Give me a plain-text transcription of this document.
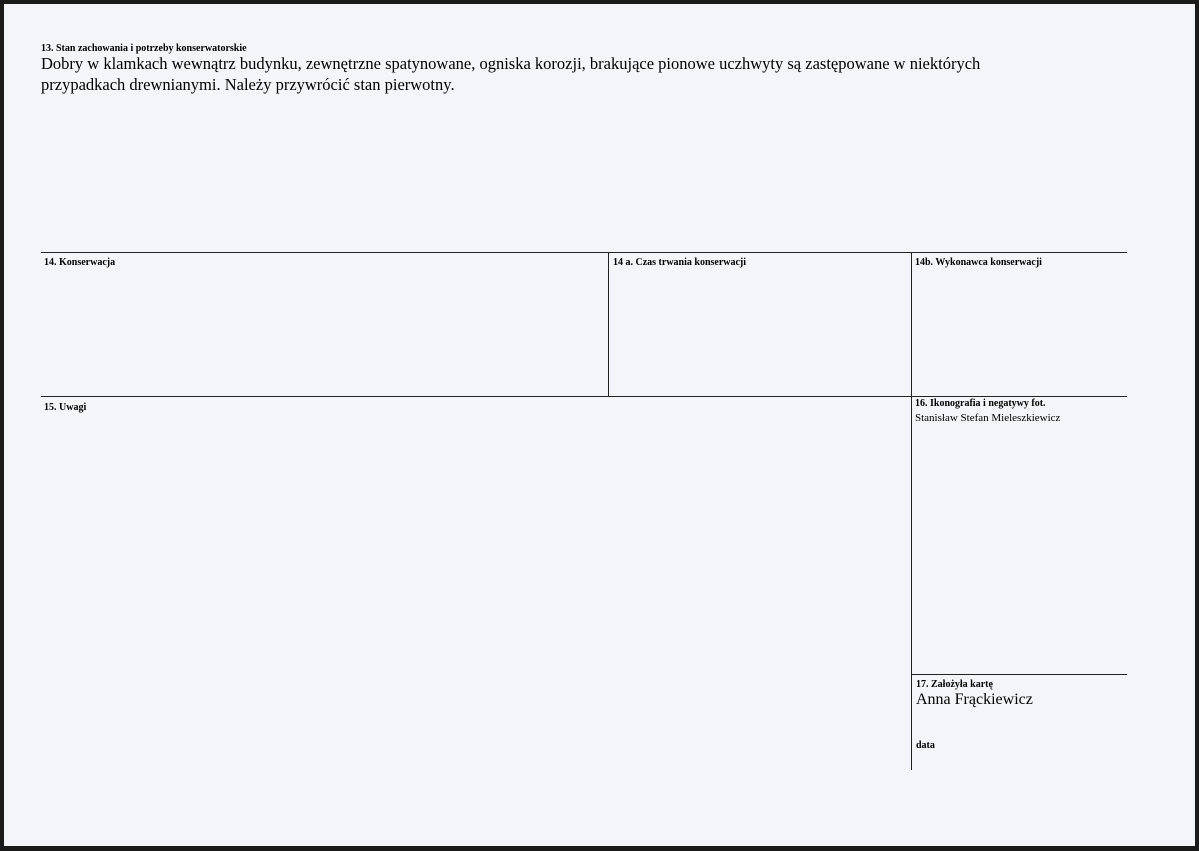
13. Stan zachowania i potrzeby konserwatorskie
Dobry w klamkach wewnątrz budynku, zewnętrzne spatynowane, ogniska korozji, brakujące pionowe uczhwyty są zastępowane w niektórych
przypadkach drewnianymi. Należy przywrócić stan pierwotny.
14. Konserwacja	14 a. Czas trwania konserwacji	14b. Wykonawca konserwacji
15. Uwagi	16. Ikonografia i negatywy fot.
Stanisław Stefan Mieleszkiewicz
17. Założyła kartę
Anna Frąckiewicz
data
